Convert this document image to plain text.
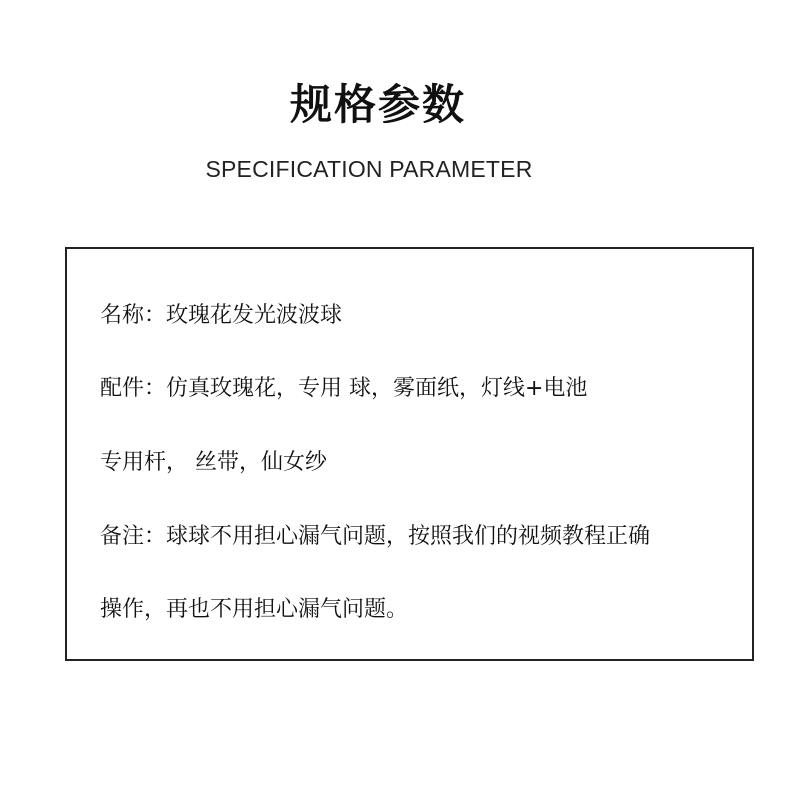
规格参数
SPECIFICATION PARAMETER
名称：玫瑰花发光波波球
配件：仿真玫瑰花，专用 球，雾面纸，灯线+电池
专用杆， 丝带，仙女纱
备注：球球不用担心漏气问题，按照我们的视频教程正确
操作，再也不用担心漏气问题。
